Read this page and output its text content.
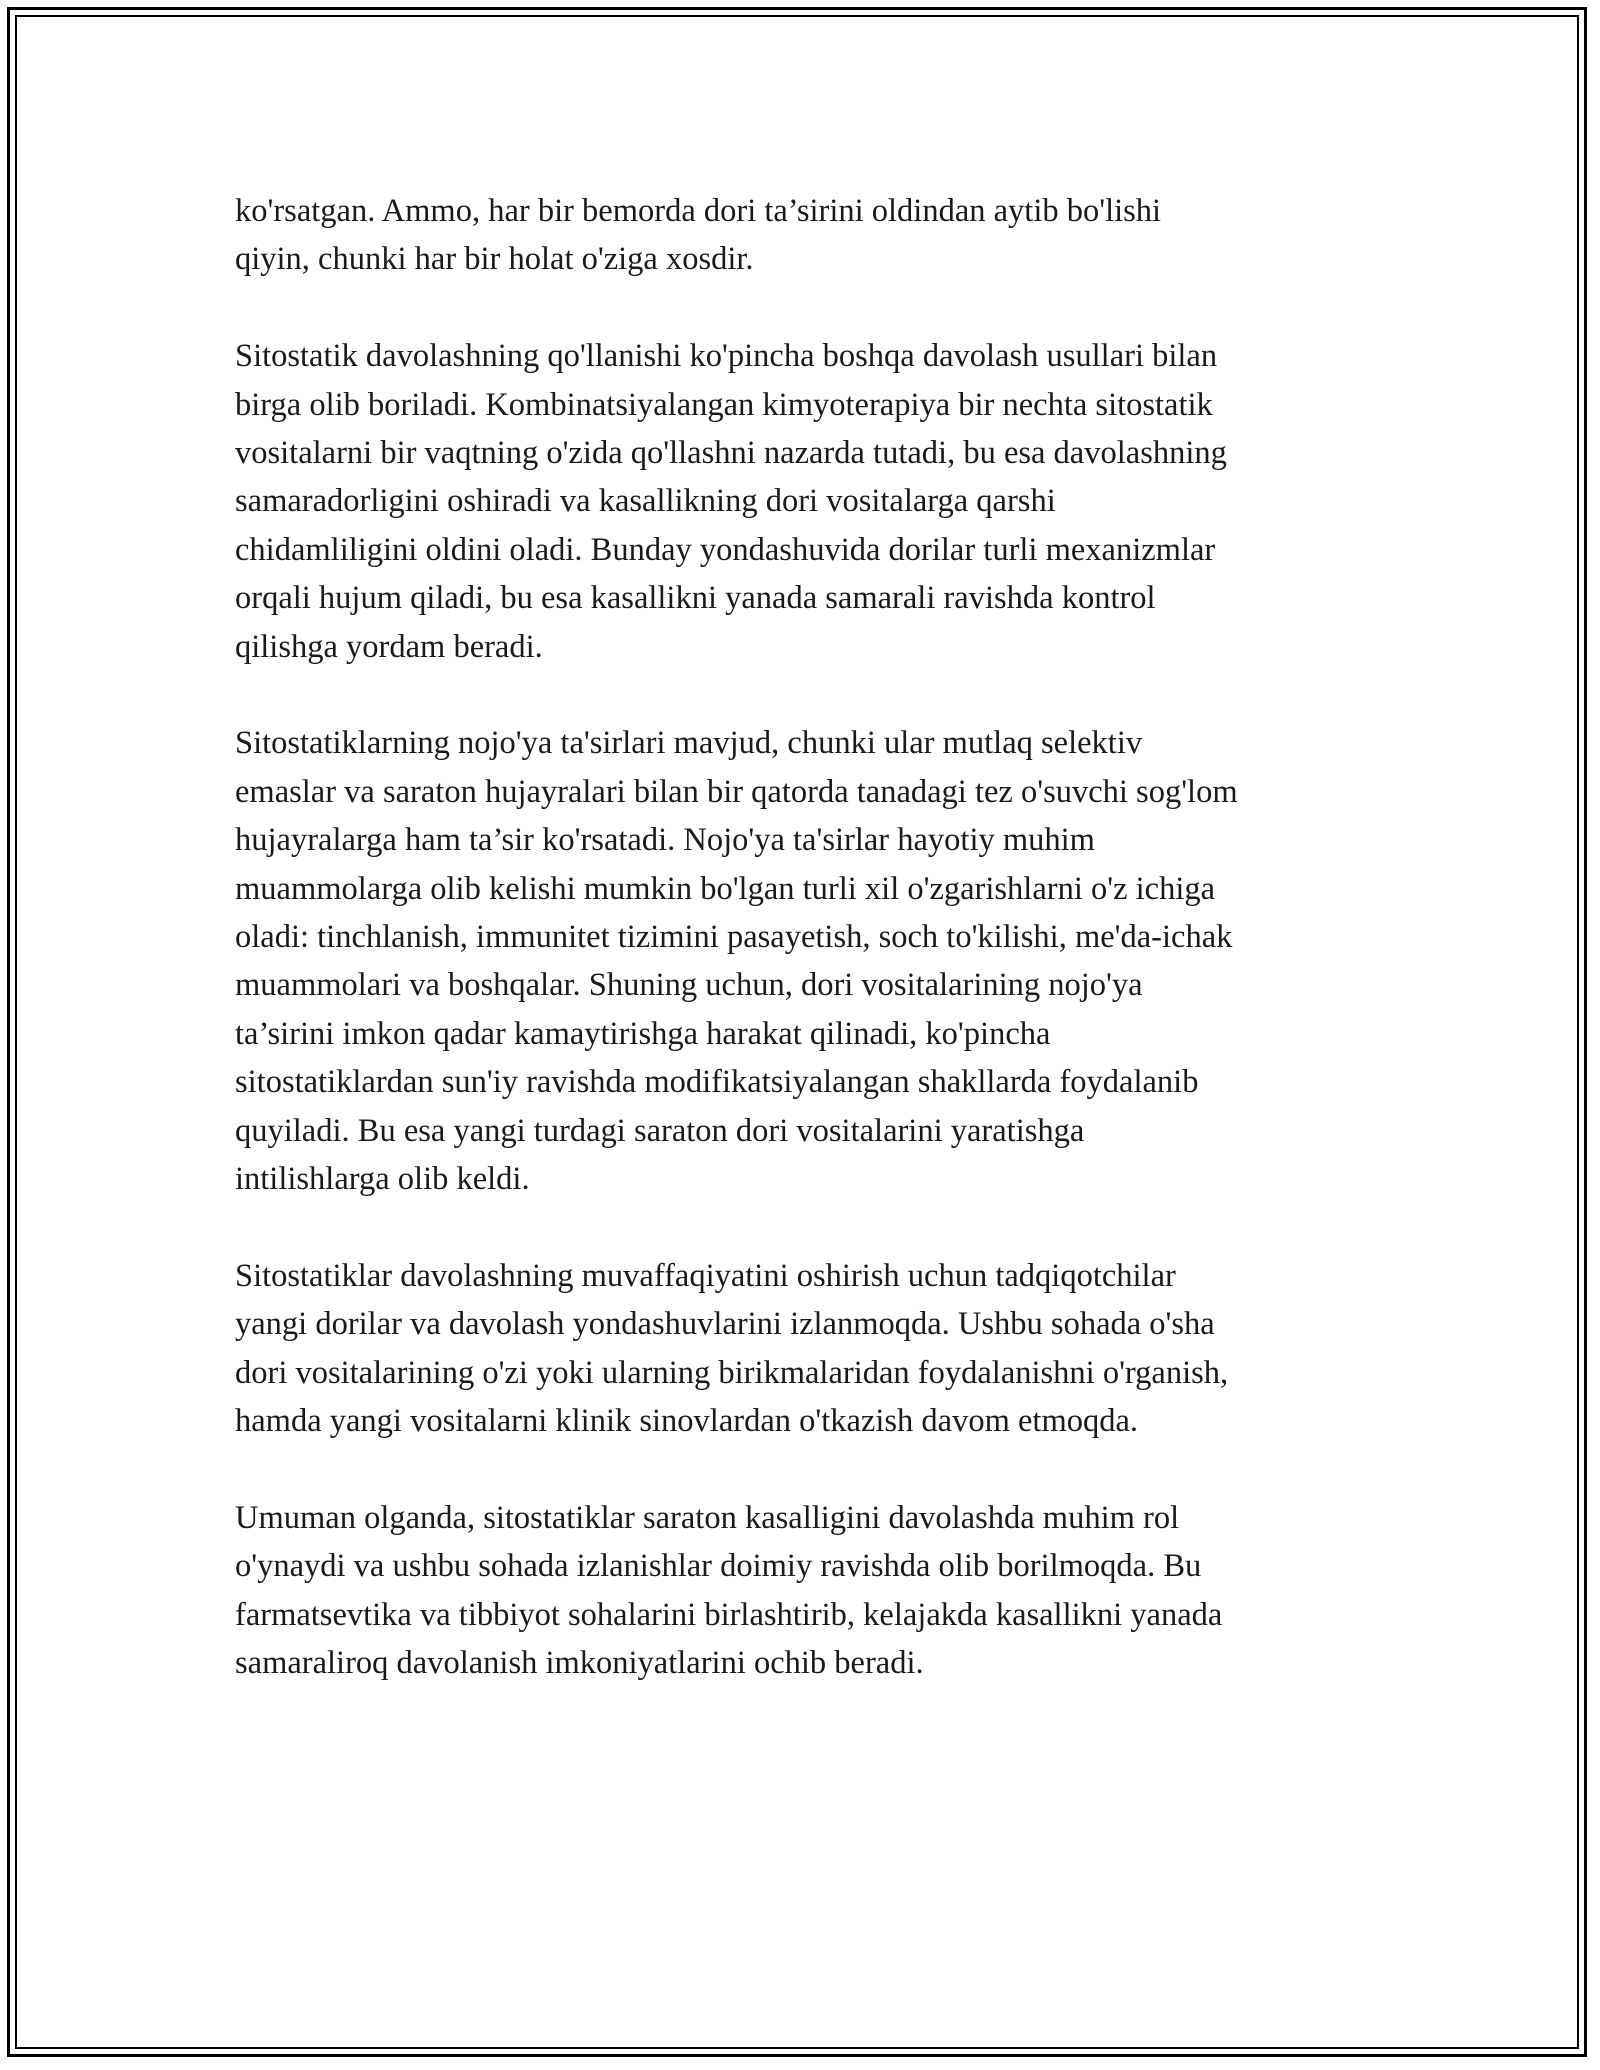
ko'rsatgan. Ammo, har bir bemorda dori ta’sirini oldindan aytib bo'lishi
qiyin, chunki har bir holat o'ziga xosdir.

Sitostatik davolashning qo'llanishi ko'pincha boshqa davolash usullari bilan
birga olib boriladi. Kombinatsiyalangan kimyoterapiya bir nechta sitostatik
vositalarni bir vaqtning o'zida qo'llashni nazarda tutadi, bu esa davolashning
samaradorligini oshiradi va kasallikning dori vositalarga qarshi
chidamliligini oldini oladi. Bunday yondashuvida dorilar turli mexanizmlar
orqali hujum qiladi, bu esa kasallikni yanada samarali ravishda kontrol
qilishga yordam beradi.

Sitostatiklarning nojo'ya ta'sirlari mavjud, chunki ular mutlaq selektiv
emaslar va saraton hujayralari bilan bir qatorda tanadagi tez o'suvchi sog'lom
hujayralarga ham ta’sir ko'rsatadi. Nojo'ya ta'sirlar hayotiy muhim
muammolarga olib kelishi mumkin bo'lgan turli xil o'zgarishlarni o'z ichiga
oladi: tinchlanish, immunitet tizimini pasayetish, soch to'kilishi, me'da-ichak
muammolari va boshqalar. Shuning uchun, dori vositalarining nojo'ya
ta’sirini imkon qadar kamaytirishga harakat qilinadi, ko'pincha
sitostatiklardan sun'iy ravishda modifikatsiyalangan shakllarda foydalanib
quyiladi. Bu esa yangi turdagi saraton dori vositalarini yaratishga
intilishlarga olib keldi.

Sitostatiklar davolashning muvaffaqiyatini oshirish uchun tadqiqotchilar
yangi dorilar va davolash yondashuvlarini izlanmoqda. Ushbu sohada o'sha
dori vositalarining o'zi yoki ularning birikmalaridan foydalanishni o'rganish,
hamda yangi vositalarni klinik sinovlardan o'tkazish davom etmoqda.

Umuman olganda, sitostatiklar saraton kasalligini davolashda muhim rol
o'ynaydi va ushbu sohada izlanishlar doimiy ravishda olib borilmoqda. Bu
farmatsevtika va tibbiyot sohalarini birlashtirib, kelajakda kasallikni yanada
samaraliroq davolanish imkoniyatlarini ochib beradi.
